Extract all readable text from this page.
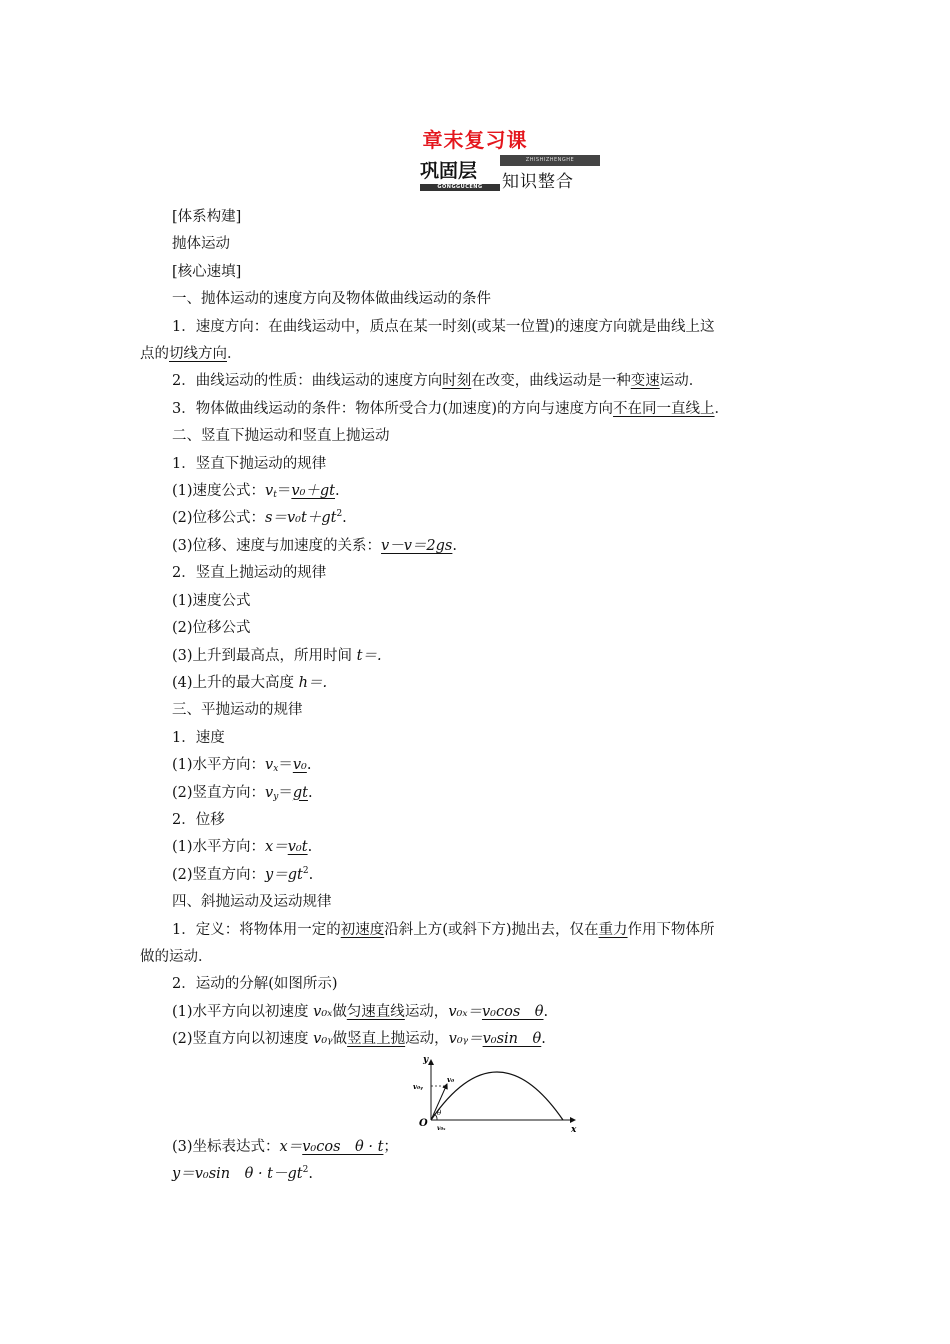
章末复习课
巩固层
GONGGUCENG
ZHISHIZHENGHE
知识整合
[体系构建]
抛体运动
[核心速填]
一、抛体运动的速度方向及物体做曲线运动的条件
1．速度方向：在曲线运动中，质点在某一时刻(或某一位置)的速度方向就是曲线上这
点的切线方向．
2．曲线运动的性质：曲线运动的速度方向时刻在改变，曲线运动是一种变速运动．
3．物体做曲线运动的条件：物体所受合力(加速度)的方向与速度方向不在同一直线上．
二、竖直下抛运动和竖直上抛运动
1．竖直下抛运动的规律
(1)速度公式：$v_t=v_0+gt$.
(2)位移公式：$s=v_0t+gt^2$.
(3)位移、速度与加速度的关系：v－v＝2gs.
2．竖直上抛运动的规律
(1)速度公式
(2)位移公式
(3)上升到最高点，所用时间 t＝.
(4)上升的最大高度 h＝.
三、平抛运动的规律
1．速度
(1)水平方向：$v_x=v_0$.
(2)竖直方向：$v_y=gt$.
2．位移
(1)水平方向：x＝v₀t.
(2)竖直方向：$y=gt^2$.
四、斜抛运动及运动规律
1．定义：将物体用一定的初速度沿斜上方(或斜下方)抛出去，仅在重力作用下物体所
做的运动．
2．运动的分解(如图所示)
(1)水平方向以初速度 v₀ₓ做匀速直线运动，v₀ₓ＝v₀cos　θ.
(2)竖直方向以初速度 v₀ᵧ做竖直上抛运动，v₀ᵧ＝v₀sin　θ.
y
x
O
v₀
v₀ᵧ
v₀ₓ
θ
(3)坐标表达式：x＝v₀cos　θ · t；
y＝v₀sin　$\theta \cdot t-gt^2$.
